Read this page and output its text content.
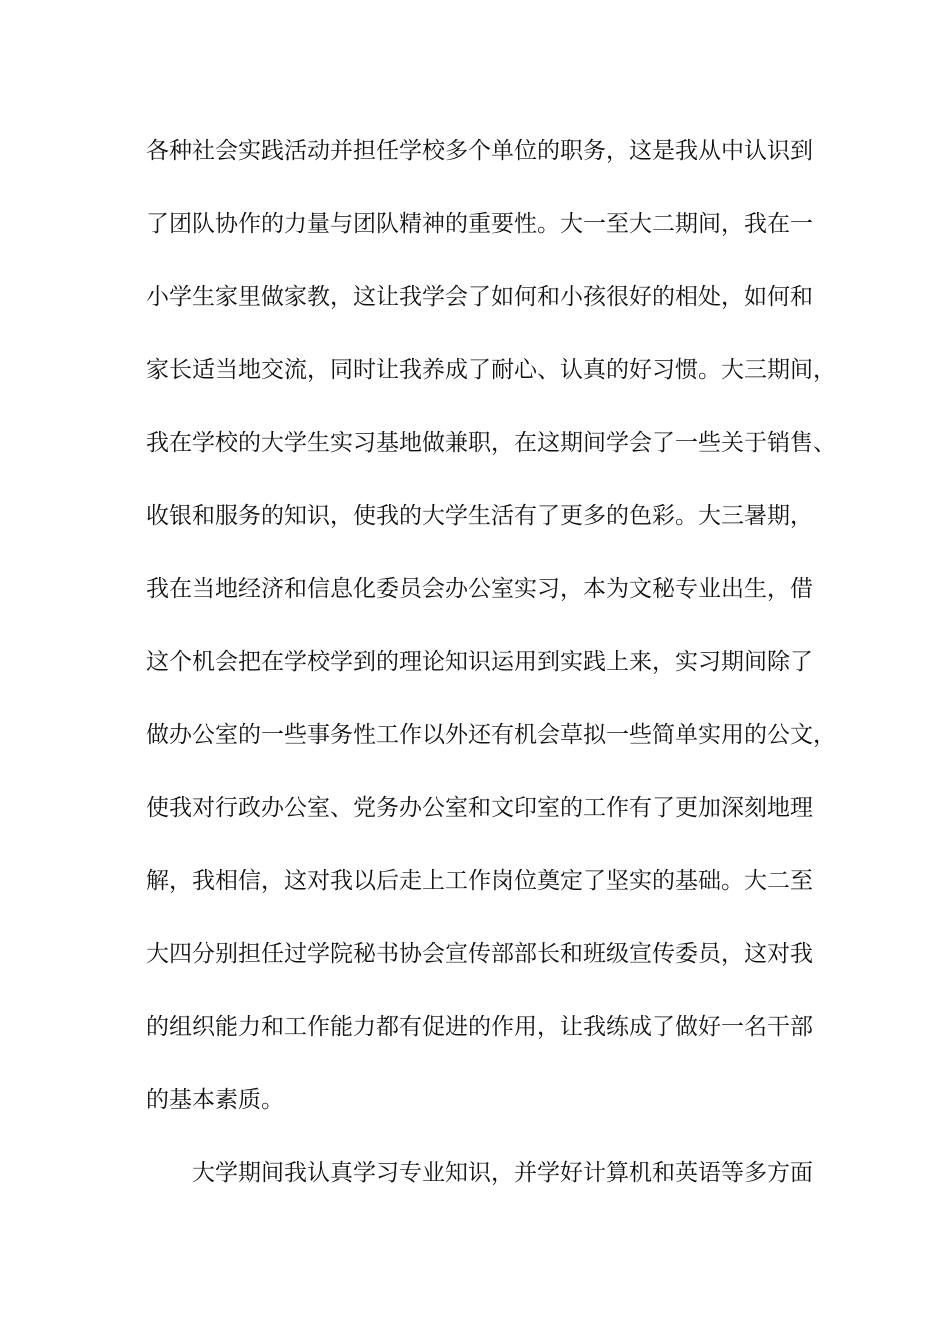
各种社会实践活动并担任学校多个单位的职务，这是我从中认识到
了团队协作的力量与团队精神的重要性。大一至大二期间，我在一
小学生家里做家教，这让我学会了如何和小孩很好的相处，如何和
家长适当地交流，同时让我养成了耐心、认真的好习惯。大三期间，
我在学校的大学生实习基地做兼职，在这期间学会了一些关于销售、
收银和服务的知识，使我的大学生活有了更多的色彩。大三暑期，
我在当地经济和信息化委员会办公室实习，本为文秘专业出生，借
这个机会把在学校学到的理论知识运用到实践上来，实习期间除了
做办公室的一些事务性工作以外还有机会草拟一些简单实用的公文，
使我对行政办公室、党务办公室和文印室的工作有了更加深刻地理
解，我相信，这对我以后走上工作岗位奠定了坚实的基础。大二至
大四分别担任过学院秘书协会宣传部部长和班级宣传委员，这对我
的组织能力和工作能力都有促进的作用，让我练成了做好一名干部
的基本素质。
大学期间我认真学习专业知识，并学好计算机和英语等多方面
